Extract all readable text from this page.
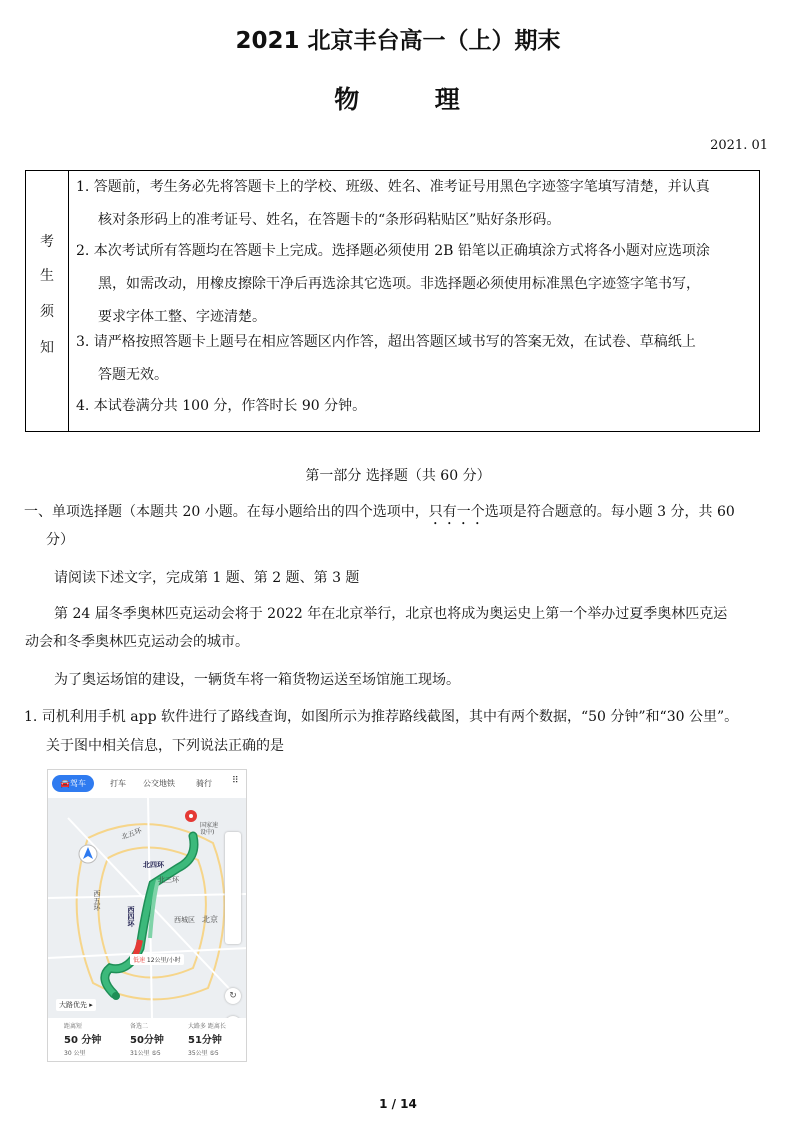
2021 北京丰台高一（上）期末
物	理
2021. 01
考
生
须
知
1. 答题前，考生务必先将答题卡上的学校、班级、姓名、准考证号用黑色字迹签字笔填写清楚，并认真
核对条形码上的准考证号、姓名，在答题卡的“条形码粘贴区”贴好条形码。
2. 本次考试所有答题均在答题卡上完成。选择题必须使用 2B 铅笔以正确填涂方式将各小题对应选项涂
黑，如需改动，用橡皮擦除干净后再选涂其它选项。非选择题必须使用标准黑色字迹签字笔书写，
要求字体工整、字迹清楚。
3. 请严格按照答题卡上题号在相应答题区内作答，超出答题区域书写的答案无效，在试卷、草稿纸上
答题无效。
4. 本试卷满分共 100 分，作答时长 90 分钟。
第一部分 选择题（共 60 分）
一、单项选择题（本题共 20 小题。在每小题给出的四个选项中，只有一个选项是符合题意的。每小题 3 分，共 60
分）
请阅读下述文字，完成第 1 题、第 2 题、第 3 题
第 24 届冬季奥林匹克运动会将于 2022 年在北京举行，北京也将成为奥运史上第一个举办过夏季奥林匹克运
动会和冬季奥林匹克运动会的城市。
为了奥运场馆的建设，一辆货车将一箱货物运送至场馆施工现场。
1. 司机利用手机 app 软件进行了路线查询，如图所示为推荐路线截图，其中有两个数据，“50 分钟”和“30 公里”。
关于图中相关信息，下列说法正确的是
🚘驾车	打车 公交地铁	骑行 ⠿
国家速
设中)
北五环
北四环
北三环
西四环
西五环
西城区 北京
低速 12公里/小时
↻
大路优先 ▸
距离短
50 分钟
30 公里
备选二
50分钟
31公里 ⑤5
大路多 距离长
51分钟
35公里 ⑤5
1 / 14
